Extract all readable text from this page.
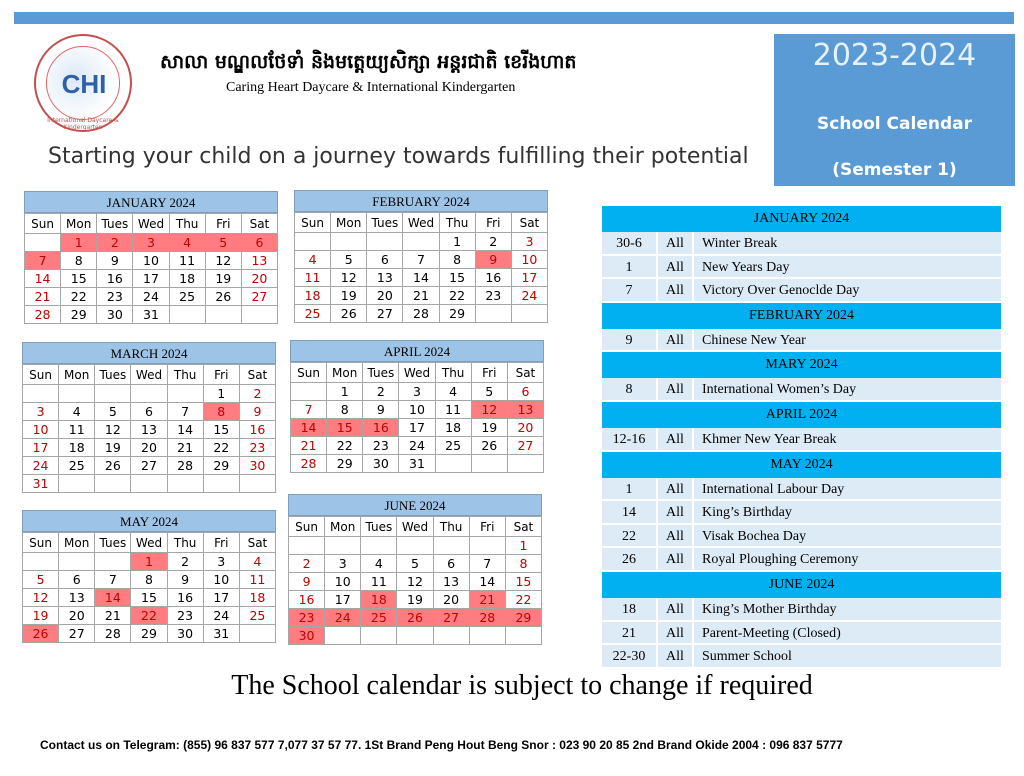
CHI
International Daycare & Kindergarten
សាលា មណ្ឌលថែទាំ និងមត្តេយ្យសិក្សា អន្តរជាតិ ខេរីងហាត
Caring Heart Daycare & International Kindergarten
Starting your child on a journey towards fulfilling their potential
2023-2024
School Calendar
(Semester 1)
JANUARY 2024
Sun	Mon	Tues	Wed	Thu	Fri	Sat
	1	2	3	4	5	6
7	8	9	10	11	12	13
14	15	16	17	18	19	20
21	22	23	24	25	26	27
28	29	30	31			
FEBRUARY 2024
Sun	Mon	Tues	Wed	Thu	Fri	Sat
				1	2	3
4	5	6	7	8	9	10
11	12	13	14	15	16	17
18	19	20	21	22	23	24
25	26	27	28	29		
MARCH 2024
Sun	Mon	Tues	Wed	Thu	Fri	Sat
					1	2
3	4	5	6	7	8	9
10	11	12	13	14	15	16
17	18	19	20	21	22	23
24	25	26	27	28	29	30
31						
APRIL 2024
Sun	Mon	Tues	Wed	Thu	Fri	Sat
	1	2	3	4	5	6
7	8	9	10	11	12	13
14	15	16	17	18	19	20
21	22	23	24	25	26	27
28	29	30	31			
MAY 2024
Sun	Mon	Tues	Wed	Thu	Fri	Sat
			1	2	3	4
5	6	7	8	9	10	11
12	13	14	15	16	17	18
19	20	21	22	23	24	25
26	27	28	29	30	31	
JUNE 2024
Sun	Mon	Tues	Wed	Thu	Fri	Sat
						1
2	3	4	5	6	7	8
9	10	11	12	13	14	15
16	17	18	19	20	21	22
23	24	25	26	27	28	29
30						
JANUARY 2024
30-6	All	Winter Break
1	All	New Years Day
7	All	Victory Over Genoclde Day
FEBRUARY 2024
9	All	Chinese New Year
MARY 2024
8	All	International Women’s Day
APRIL 2024
12-16	All	Khmer New Year Break
MAY 2024
1	All	International Labour Day
14	All	King’s Birthday
22	All	Visak Bochea Day
26	All	Royal Ploughing Ceremony
JUNE 2024
18	All	King’s Mother Birthday
21	All	Parent-Meeting (Closed)
22-30	All	Summer School
The School calendar is subject to change if required
Contact us on Telegram: (855) 96 837 577 7,077 37 57 77. 1St Brand Peng Hout Beng Snor : 023 90 20 85 2nd Brand Okide 2004 : 096 837 5777
